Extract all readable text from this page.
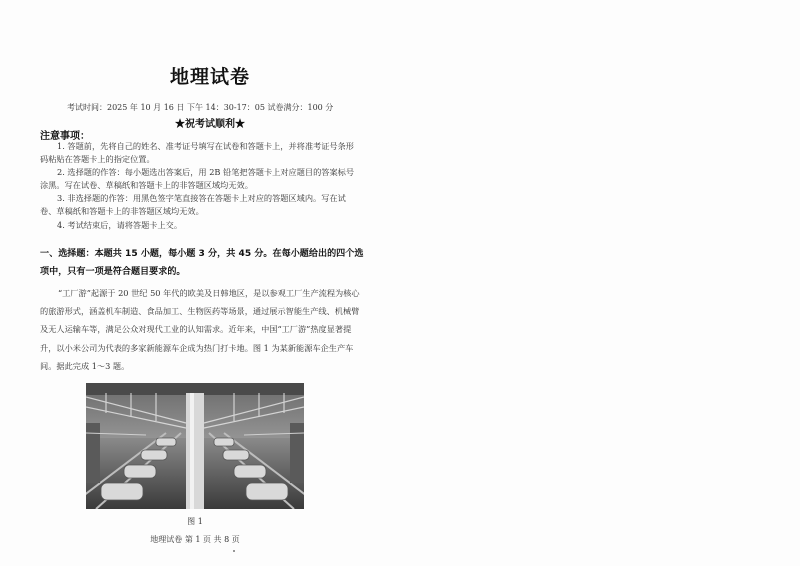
地理试卷
考试时间：2025 年 10 月 16 日 下午 14：30-17：05 试卷满分：100 分
★祝考试顺利★
注意事项：

1. 答题前，先将自己的姓名、准考证号填写在试卷和答题卡上，并将准考证号条形码粘贴在答题卡上的指定位置。

2. 选择题的作答：每小题选出答案后，用 2B 铅笔把答题卡上对应题目的答案标号涂黑。写在试卷、草稿纸和答题卡上的非答题区域均无效。

3. 非选择题的作答：用黑色签字笔直接答在答题卡上对应的答题区域内。写在试卷、草稿纸和答题卡上的非答题区域均无效。

4. 考试结束后，请将答题卡上交。

一、选择题：本题共 15 小题，每小题 3 分，共 45 分。在每小题给出的四个选项中，只有一项是符合题目要求的。
“工厂游”起源于 20 世纪 50 年代的欧美及日韩地区，是以参观工厂生产流程为核心的旅游形式，涵盖机车制造、食品加工、生物医药等场景，通过展示智能生产线、机械臂及无人运输车等，满足公众对现代工业的认知需求。近年来，中国“工厂游”热度显著提升，以小米公司为代表的多家新能源车企成为热门打卡地。图 1 为某新能源车企生产车间。据此完成 1～3 题。
图 1
地理试卷 第 1 页 共 8 页
